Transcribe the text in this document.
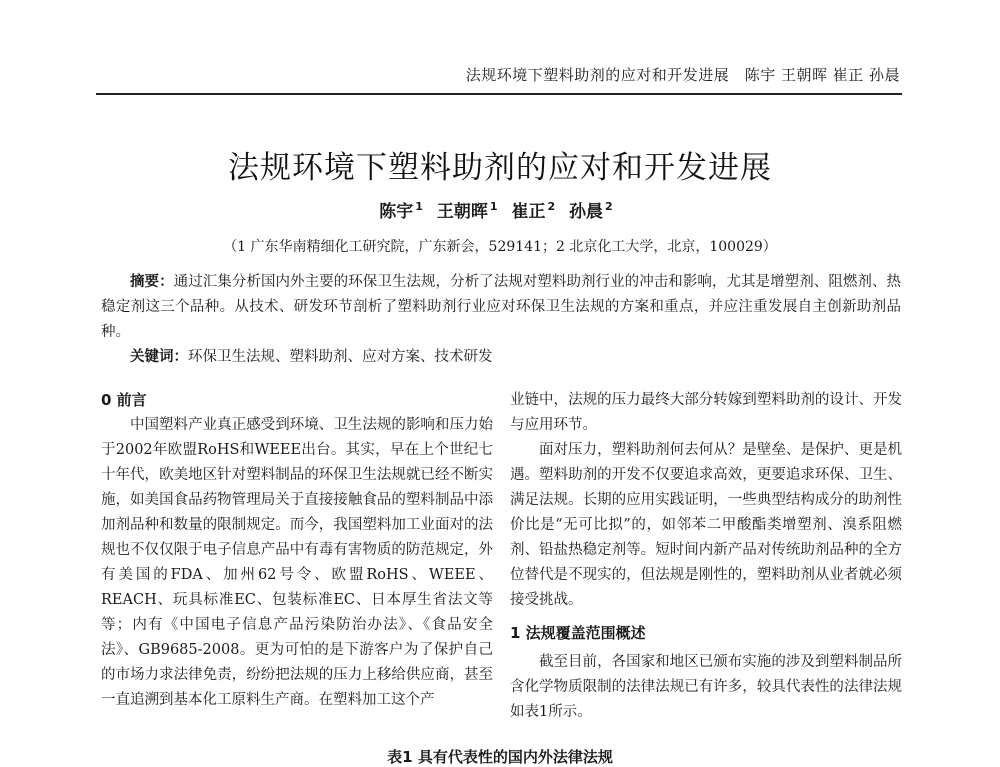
法规环境下塑料助剂的应对和开发进展　陈宇 王朝晖 崔正 孙晨
法规环境下塑料助剂的应对和开发进展
陈宇 $^1$ 王朝晖 $^1$ 崔正 $^2$ 孙晨 $^2$
（1 广东华南精细化工研究院，广东新会，529141；2 北京化工大学，北京，100029）
摘要：通过汇集分析国内外主要的环保卫生法规，分析了法规对塑料助剂行业的冲击和影响，尤其是增塑剂、阻燃剂、热稳定剂这三个品种。从技术、研发环节剖析了塑料助剂行业应对环保卫生法规的方案和重点，并应注重发展自主创新助剂品种。
关键词：环保卫生法规、塑料助剂、应对方案、技术研发
0 前言

中国塑料产业真正感受到环境、卫生法规的影响和压力始于2002年欧盟RoHS和WEEE出台。其实，早在上个世纪七十年代，欧美地区针对塑料制品的环保卫生法规就已经不断实施，如美国食品药物管理局关于直接接触食品的塑料制品中添加剂品种和数量的限制规定。而今，我国塑料加工业面对的法规也不仅仅限于电子信息产品中有毒有害物质的防范规定，外有美国的FDA、加州62号令、欧盟RoHS、WEEE、REACH、玩具标准EC、包装标准EC、日本厚生省法文等等；内有《中国电子信息产品污染防治办法》、《食品安全法》、GB9685-2008。更为可怕的是下游客户为了保护自己的市场力求法律免责，纷纷把法规的压力上移给供应商，甚至一直追溯到基本化工原料生产商。在塑料加工这个产

业链中，法规的压力最终大部分转嫁到塑料助剂的设计、开发与应用环节。

面对压力，塑料助剂何去何从？是壁垒、是保护、更是机遇。塑料助剂的开发不仅要追求高效，更要追求环保、卫生、满足法规。长期的应用实践证明，一些典型结构成分的助剂性价比是“无可比拟”的，如邻苯二甲酸酯类增塑剂、溴系阻燃剂、铅盐热稳定剂等。短时间内新产品对传统助剂品种的全方位替代是不现实的，但法规是刚性的，塑料助剂从业者就必须接受挑战。

1 法规覆盖范围概述

截至目前，各国家和地区已颁布实施的涉及到塑料制品所含化学物质限制的法律法规已有许多，较具代表性的法律法规如表1所示。

表1 具有代表性的国内外法律法规
